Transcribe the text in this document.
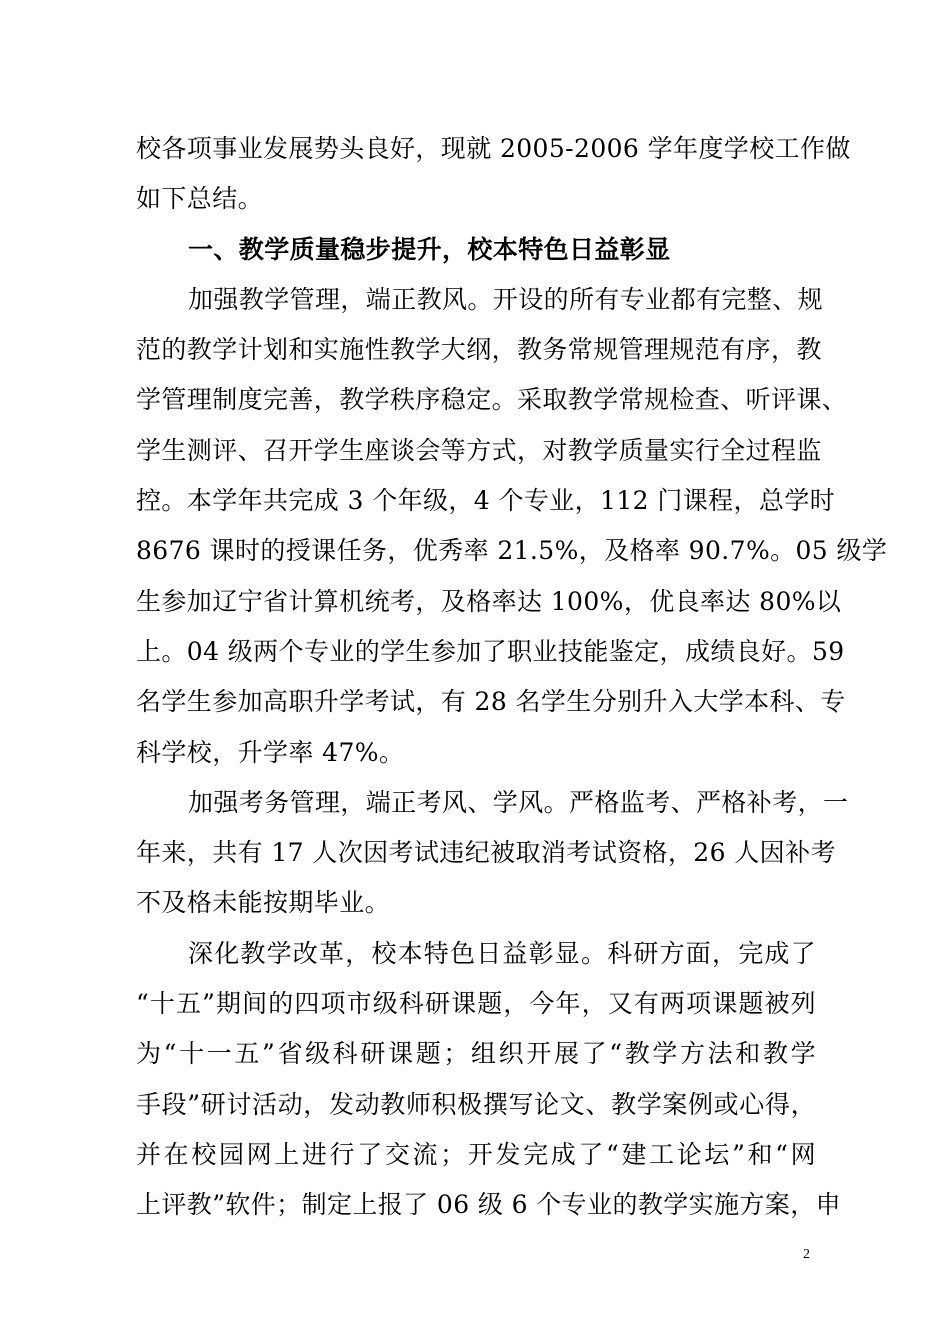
校各项事业发展势头良好，现就 2005-2006 学年度学校工作做
如下总结。
一、教学质量稳步提升，校本特色日益彰显
加强教学管理，端正教风。开设的所有专业都有完整、规
范的教学计划和实施性教学大纲，教务常规管理规范有序，教
学管理制度完善，教学秩序稳定。采取教学常规检查、听评课、
学生测评、召开学生座谈会等方式，对教学质量实行全过程监
控。本学年共完成 3 个年级，4 个专业，112 门课程，总学时
8676 课时的授课任务，优秀率 21.5%，及格率 90.7%。05 级学
生参加辽宁省计算机统考，及格率达 100%，优良率达 80%以
上。04 级两个专业的学生参加了职业技能鉴定，成绩良好。59
名学生参加高职升学考试，有 28 名学生分别升入大学本科、专
科学校，升学率 47%。
加强考务管理，端正考风、学风。严格监考、严格补考，一
年来，共有 17 人次因考试违纪被取消考试资格，26 人因补考
不及格未能按期毕业。
深化教学改革，校本特色日益彰显。科研方面，完成了
“十五”期间的四项市级科研课题，今年，又有两项课题被列
为“十一五”省级科研课题；组织开展了“教学方法和教学
手段”研讨活动，发动教师积极撰写论文、教学案例或心得，
并在校园网上进行了交流；开发完成了“建工论坛”和“网
上评教”软件；制定上报了 06 级 6 个专业的教学实施方案，申
2
